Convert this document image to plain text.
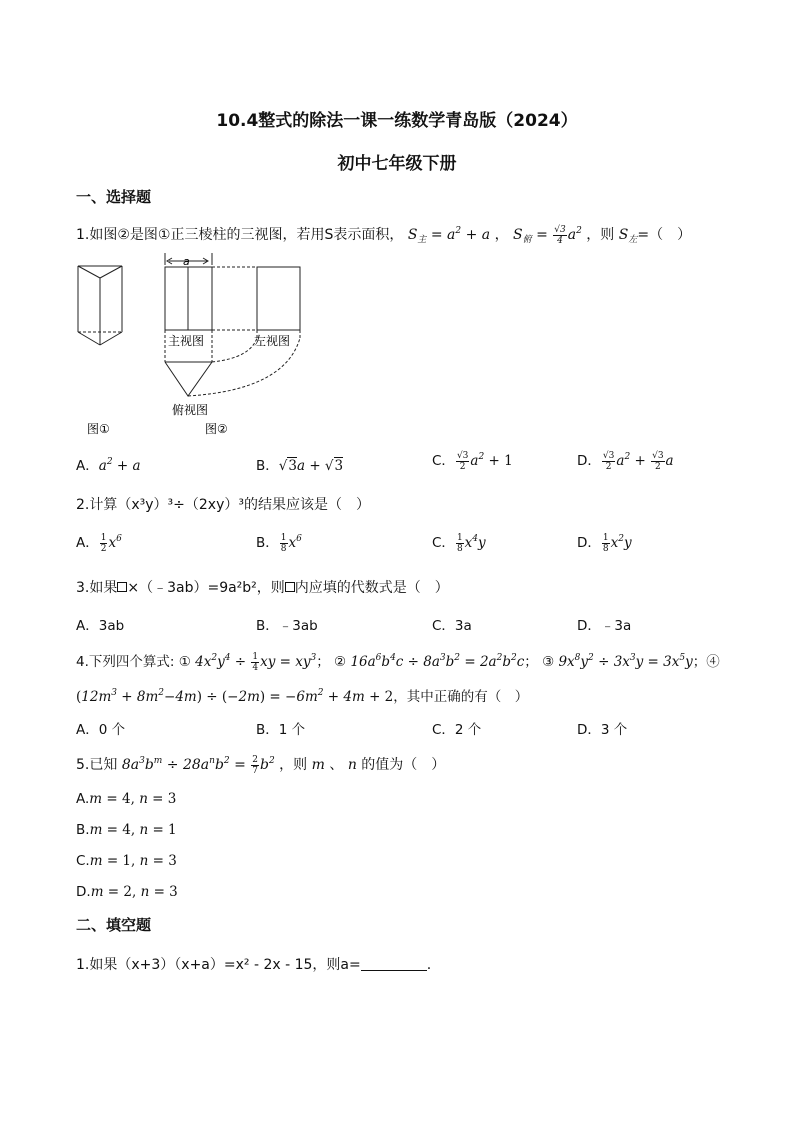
10.4整式的除法一课一练数学青岛版（2024）
初中七年级下册
一、选择题
1.如图②是图①正三棱柱的三视图，若用S表示面积， $S_主 = a^2 + a$ ， $S_俯 = \frac{√3}{4} a^2$ ，则 $S_左=$（　）
a
主视图	左视图
俯视图
图①	图②
A．$a^2 + a$	B．√3a + √3	C． $\frac{√3}{2} a^2 + 1$	D． $\frac{√3}{2} a^2 + \frac{√3}{2}$ a
2.计算（x³y）³÷（2xy）³的结果应该是（　）
A． $\frac{1}{2} x^6$	B． $\frac{1}{8} x^6$	C． $\frac{1}{8} x^4y$	D． $\frac{1}{8} x^2y$
3.如果 ×（﹣3ab）=9a²b²，则 内应填的代数式是（　）
A．3ab	B．﹣3ab	C．3a	D．﹣3a
4.下列四个算式: ① $4x^2y^4 \div \frac{1}{4}$ xy = $xy^3$； ② $16a^6b^4c \div 8a^3b^2 = 2a^2b^2c$； ③ $9x^8y^2 \div 3x^3y = 3x^5y$；④
$(12m^3 + 8m^2-4m) \div (-2m) = -6m^2 + 4m + 2$，其中正确的有（　）
A．0 个	B．1 个	C．2 个	D．3 个
5.已知 $8a^3b^m \div 28a^nb^2 = \frac{2}{7} b^2$ ，则 m 、 n 的值为（　）
A.m = 4, n = 3
B.m = 4, n = 1
C.m = 1, n = 3
D.m = 2, n = 3
二、填空题
1.如果（x+3）（x+a）=x² - 2x - 15，则a=	.
